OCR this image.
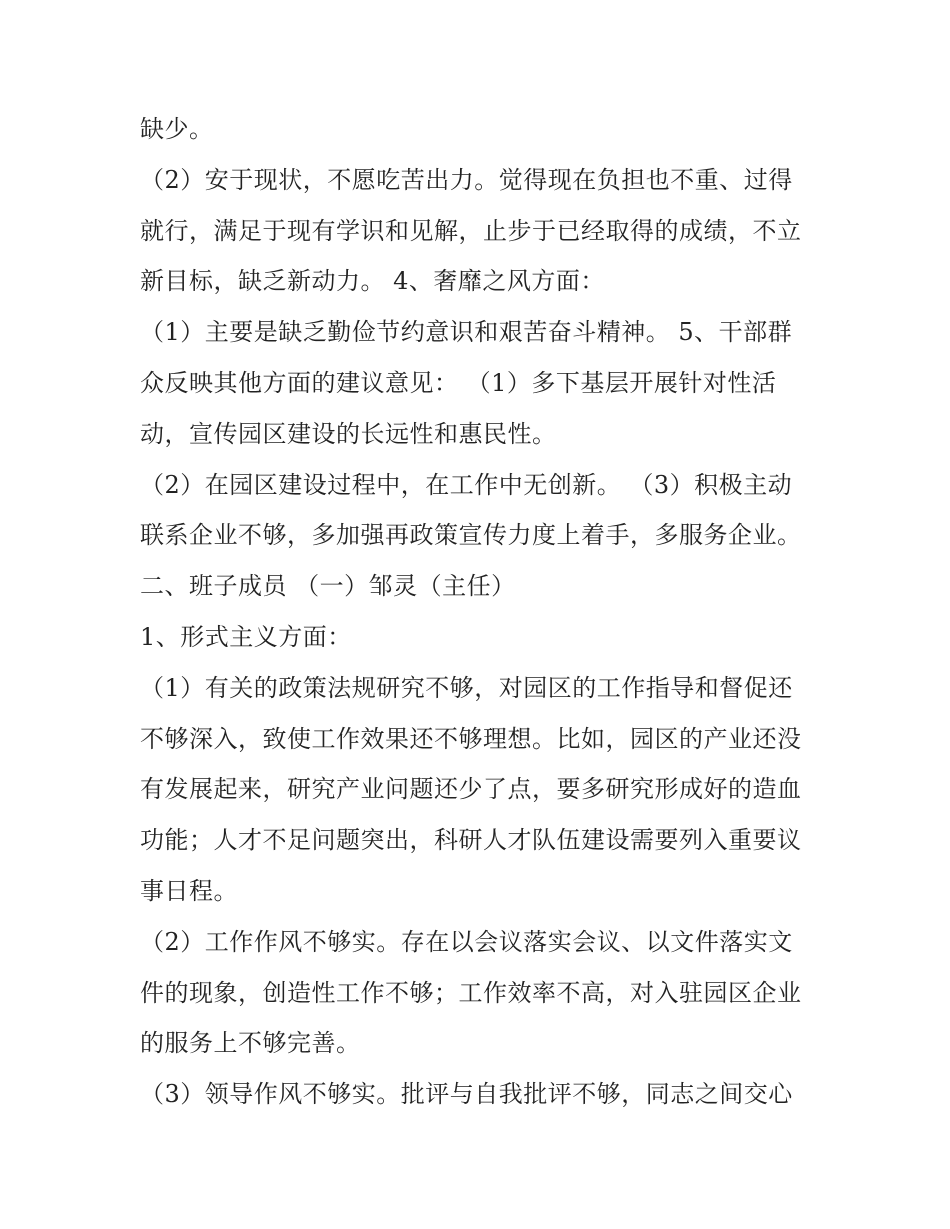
缺少。
（2）安于现状，不愿吃苦出力。觉得现在负担也不重、过得
就行，满足于现有学识和见解，止步于已经取得的成绩，不立
新目标，缺乏新动力。 4、奢靡之风方面：
（1）主要是缺乏勤俭节约意识和艰苦奋斗精神。 5、干部群
众反映其他方面的建议意见： （1）多下基层开展针对性活
动，宣传园区建设的长远性和惠民性。
（2）在园区建设过程中，在工作中无创新。 （3）积极主动
联系企业不够，多加强再政策宣传力度上着手，多服务企业。
二、班子成员 （一）邹灵（主任）
1、形式主义方面：
（1）有关的政策法规研究不够，对园区的工作指导和督促还
不够深入，致使工作效果还不够理想。比如，园区的产业还没
有发展起来，研究产业问题还少了点，要多研究形成好的造血
功能；人才不足问题突出，科研人才队伍建设需要列入重要议
事日程。
（2）工作作风不够实。存在以会议落实会议、以文件落实文
件的现象，创造性工作不够；工作效率不高，对入驻园区企业
的服务上不够完善。
（3）领导作风不够实。批评与自我批评不够，同志之间交心
